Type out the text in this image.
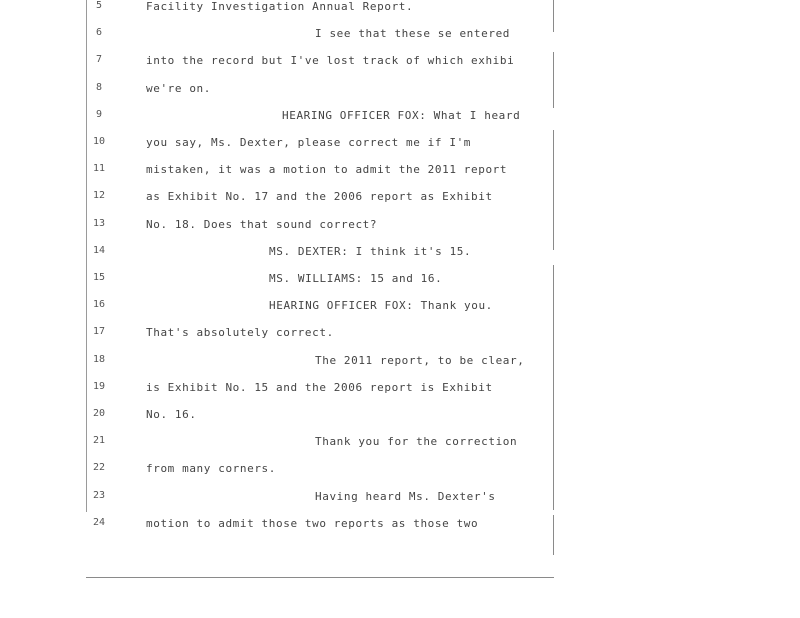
5	Facility Investigation Annual Report.
6	I see that these se entered
7	into the record but I've lost track of which exhibi
8	we're on.
9	HEARING OFFICER FOX: What I heard
10	you say, Ms. Dexter, please correct me if I'm
11	mistaken, it was a motion to admit the 2011 report
12	as Exhibit No. 17 and the 2006 report as Exhibit
13	No. 18. Does that sound correct?
14	MS. DEXTER: I think it's 15.
15	MS. WILLIAMS: 15 and 16.
16	HEARING OFFICER FOX: Thank you.
17	That's absolutely correct.
18	The 2011 report, to be clear,
19	is Exhibit No. 15 and the 2006 report is Exhibit
20	No. 16.
21	Thank you for the correction
22	from many corners.
23	Having heard Ms. Dexter's
24	motion to admit those two reports as those two
